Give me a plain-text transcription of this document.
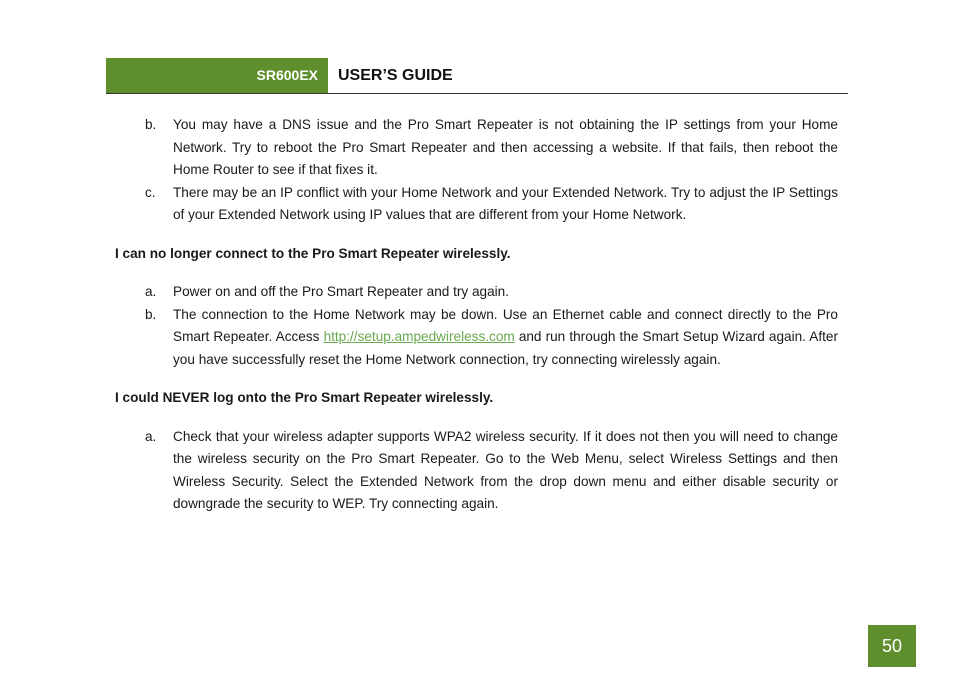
SR600EX USER’S GUIDE
b. You may have a DNS issue and the Pro Smart Repeater is not obtaining the IP settings from your Home Network. Try to reboot the Pro Smart Repeater and then accessing a website. If that fails, then reboot the Home Router to see if that fixes it.
c. There may be an IP conflict with your Home Network and your Extended Network. Try to adjust the IP Settings of your Extended Network using IP values that are different from your Home Network.
I can no longer connect to the Pro Smart Repeater wirelessly.
a. Power on and off the Pro Smart Repeater and try again.
b. The connection to the Home Network may be down. Use an Ethernet cable and connect directly to the Pro Smart Repeater. Access http://setup.ampedwireless.com and run through the Smart Setup Wizard again. After you have successfully reset the Home Network connection, try connecting wirelessly again.
I could NEVER log onto the Pro Smart Repeater wirelessly.
a. Check that your wireless adapter supports WPA2 wireless security. If it does not then you will need to change the wireless security on the Pro Smart Repeater. Go to the Web Menu, select Wireless Settings and then Wireless Security. Select the Extended Network from the drop down menu and either disable security or downgrade the security to WEP. Try connecting again.
50
